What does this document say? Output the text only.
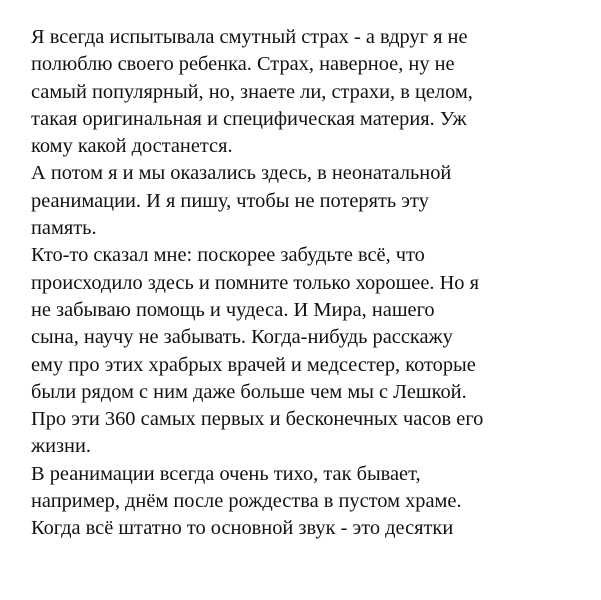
Я всегда испытывала смутный страх - а вдруг я не
полюблю своего ребенка. Страх, наверное, ну не
самый популярный, но, знаете ли, страхи, в целом,
такая оригинальная и специфическая материя. Уж
кому какой достанется.
А потом я и мы оказались здесь, в неонатальной
реанимации. И я пишу, чтобы не потерять эту
память.
Кто-то сказал мне: поскорее забудьте всё, что
происходило здесь и помните только хорошее. Но я
не забываю помощь и чудеса. И Мира, нашего
сына, научу не забывать. Когда-нибудь расскажу
ему про этих храбрых врачей и медсестер, которые
были рядом с ним даже больше чем мы с Лешкой.
Про эти 360 самых первых и бесконечных часов его
жизни.
В реанимации всегда очень тихо, так бывает,
например, днём после рождества в пустом храме.
Когда всё штатно то основной звук - это десятки
